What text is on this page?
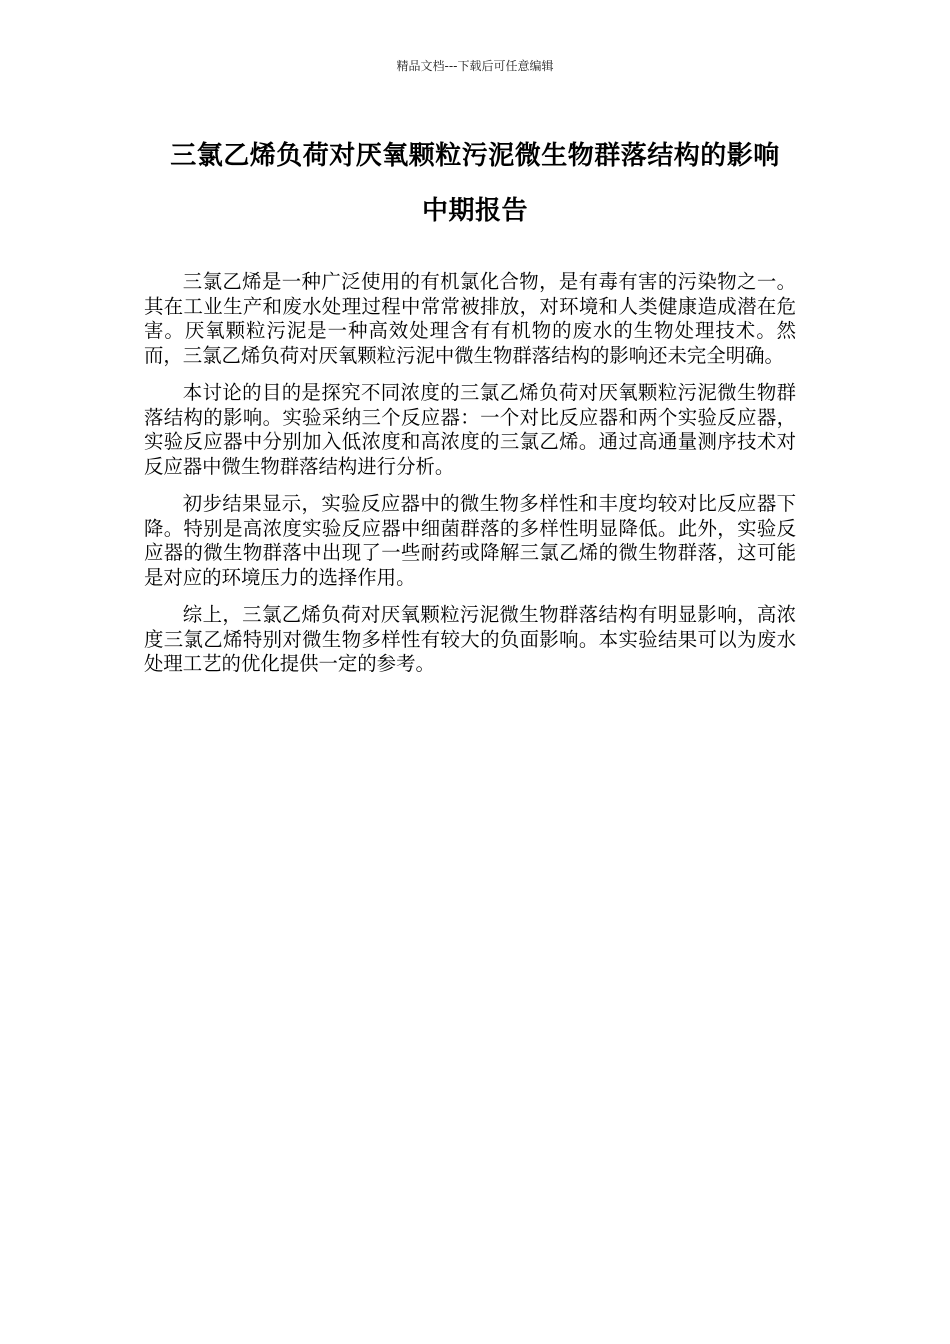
精品文档---下载后可任意编辑
三氯乙烯负荷对厌氧颗粒污泥微生物群落结构的影响
中期报告

三氯乙烯是一种广泛使用的有机氯化合物，是有毒有害的污染物之一。其在工业生产和废水处理过程中常常被排放，对环境和人类健康造成潜在危害。厌氧颗粒污泥是一种高效处理含有有机物的废水的生物处理技术。然而，三氯乙烯负荷对厌氧颗粒污泥中微生物群落结构的影响还未完全明确。

本讨论的目的是探究不同浓度的三氯乙烯负荷对厌氧颗粒污泥微生物群落结构的影响。实验采纳三个反应器：一个对比反应器和两个实验反应器，实验反应器中分别加入低浓度和高浓度的三氯乙烯。通过高通量测序技术对反应器中微生物群落结构进行分析。

初步结果显示，实验反应器中的微生物多样性和丰度均较对比反应器下降。特别是高浓度实验反应器中细菌群落的多样性明显降低。此外，实验反应器的微生物群落中出现了一些耐药或降解三氯乙烯的微生物群落，这可能是对应的环境压力的选择作用。

综上，三氯乙烯负荷对厌氧颗粒污泥微生物群落结构有明显影响，高浓度三氯乙烯特别对微生物多样性有较大的负面影响。本实验结果可以为废水处理工艺的优化提供一定的参考。
